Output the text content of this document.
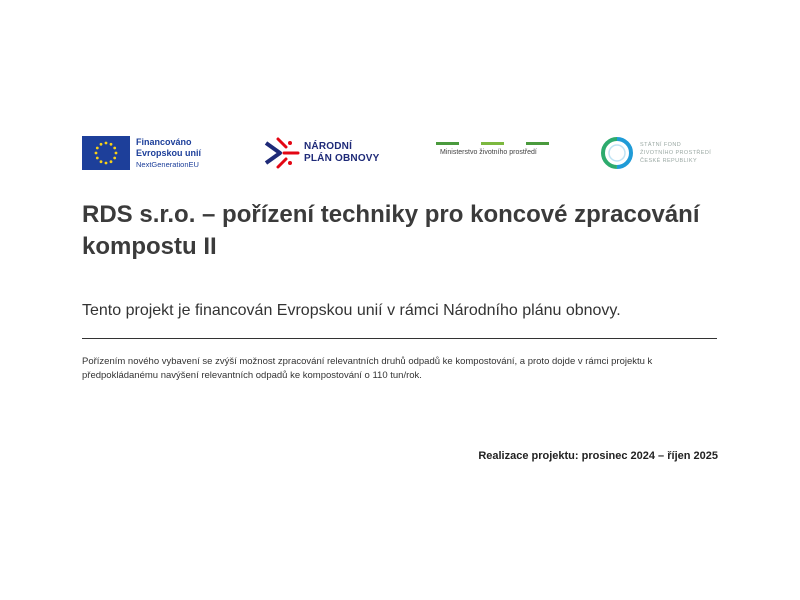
Financováno
Evropskou unií
NextGenerationEU
NÁRODNÍ
PLÁN OBNOVY
Ministerstvo životního prostředí
STÁTNÍ FOND
ŽIVOTNÍHO PROSTŘEDÍ
ČESKÉ REPUBLIKY
RDS s.r.o. – pořízení techniky pro koncové zpracování kompostu II

Tento projekt je financován Evropskou unií v rámci Národního plánu obnovy.

Pořízením nového vybavení se zvýší možnost zpracování relevantních druhů odpadů ke kompostování, a proto dojde v rámci projektu k předpokládanému navýšení relevantních odpadů ke kompostování o 110 tun/rok.

Realizace projektu: prosinec 2024 – říjen 2025
